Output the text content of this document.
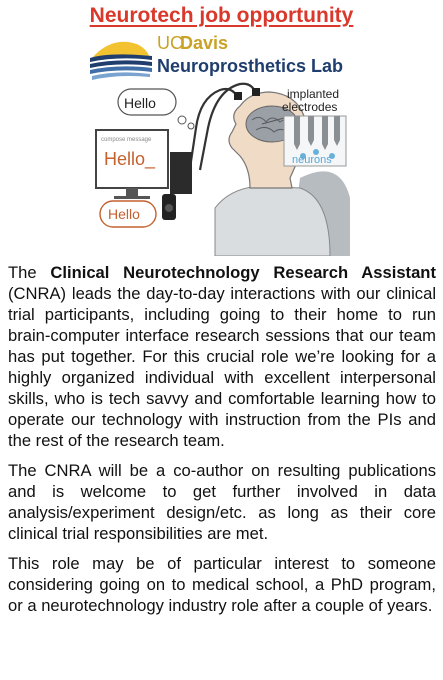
Neurotech job opportunity
UC
Davis
Neuroprosthetics Lab
Hello
compose message
Hello_
Hello
implanted
electrodes
neurons

The Clinical Neurotechnology Research Assistant (CNRA) leads the day-to-day interactions with our clinical trial participants, including going to their home to run brain-computer interface research sessions that our team has put together. For this crucial role we’re looking for a highly organized individual with excellent interpersonal skills, who is tech savvy and comfortable learning how to operate our technology with instruction from the PIs and the rest of the research team.

The CNRA will be a co-author on resulting publications and is welcome to get further involved in data analysis/experiment design/etc. as long as their core clinical trial responsibilities are met.

This role may be of particular interest to someone considering going on to medical school, a PhD program, or a neurotechnology industry role after a couple of years.
